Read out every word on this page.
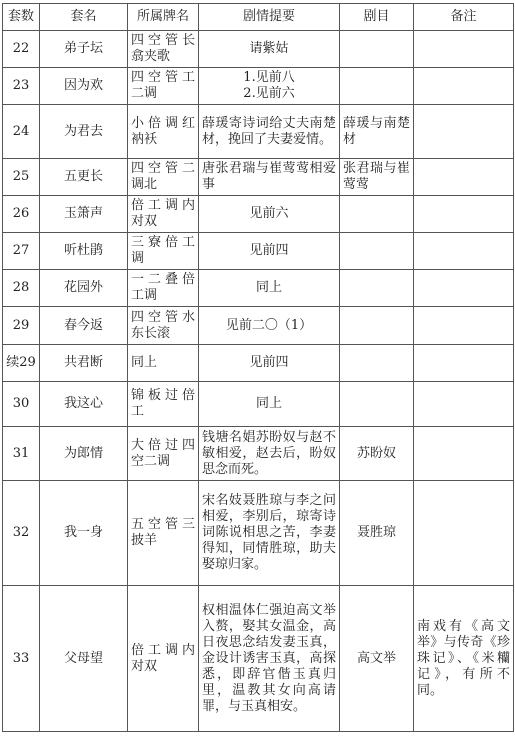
套数	套名	所属牌名	剧情提要	剧目	备注
22	弟子坛	四空管长 翕夹歌	请紫姑		
23	因为欢	四空管工 二调	1.见前八
2.见前六		

24	为君去	小倍调红 衲袄	薛瑗寄诗词给丈夫南楚材，挽回了夫妻爱情。	薛瑗与南楚材	
25	五更长	四空管二 调北	唐张君瑞与崔莺莺相爱事	张君瑞与崔莺莺	
26	玉箫声	倍工调内 对双	见前六		
27	听杜鹃	三寮倍工 调	见前四		
28	花园外	一二叠倍 工调	同上		
29	春今返	四空管水 东长滚	见前二〇（1）		
续29	共君断	同上	见前四		
30	我这心	锦板过倍 工	同上		
31	为郎情	大倍过四 空二调	钱塘名娼苏盼奴与赵不敏相爱，赵去后，盼奴思念而死。	苏盼奴	
32	我一身	五空管三 披羊	宋名妓聂胜琼与李之问相爱，李别后，琼寄诗词陈说相思之苦，李妻得知，同情胜琼，助夫娶琼归家。	聂胜琼	
33	父母望	倍工调内 对双	权相温体仁强迫高文举入赘，娶其女温金，高日夜思念结发妻玉真，金设计诱害玉真，高探悉，即辞官偕玉真归里，温教其女向高请罪，与玉真相安。	高文举	南戏有《高文举》与传奇《珍珠记》、《米糷记》，有所不同。
